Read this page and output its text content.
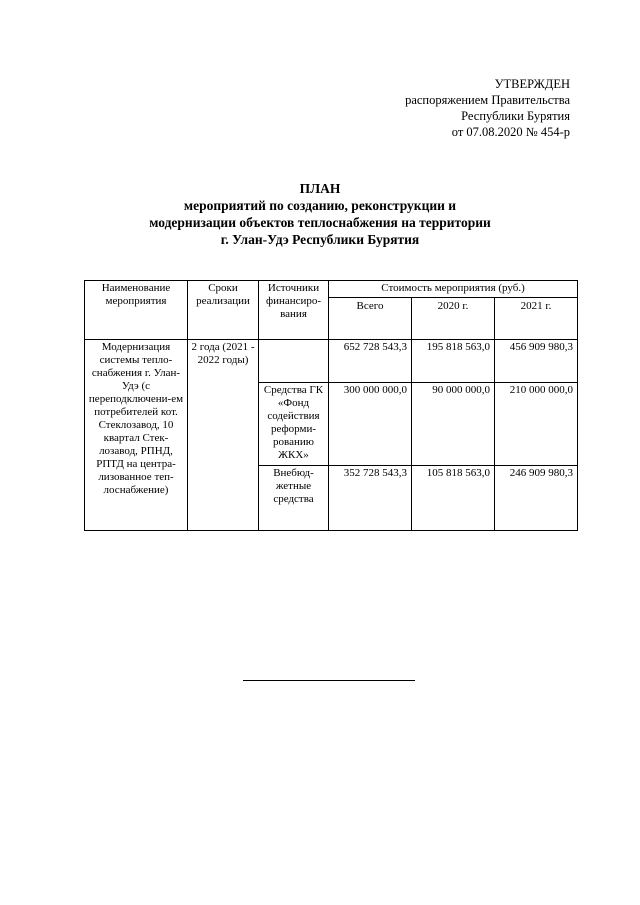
УТВЕРЖДЕН
распоряжением Правительства
Республики Бурятия
от 07.08.2020 № 454-р
ПЛАН
мероприятий по созданию, реконструкции и
модернизации объектов теплоснабжения на территории
г. Улан-Удэ Республики Бурятия
Наименование мероприятия	Сроки реализации	Источники финансиро-вания	Стоимость мероприятия (руб.)		
			Всего	2020 г.	2021 г.
Модернизация системы тепло-снабжения г. Улан-Удэ (с переподключени-ем потребителей кот. Стеклозавод, 10 квартал Стек-лозавод, РПНД, РПТД на центра-лизованное теп-лоснабжение)	2 года (2021 - 2022 годы)		652 728 543,3	195 818 563,0	456 909 980,3
		Средства ГК «Фонд содействия реформи-рованию ЖКХ»	300 000 000,0	90 000 000,0	210 000 000,0
		Внебюд-жетные средства	352 728 543,3	105 818 563,0	246 909 980,3
